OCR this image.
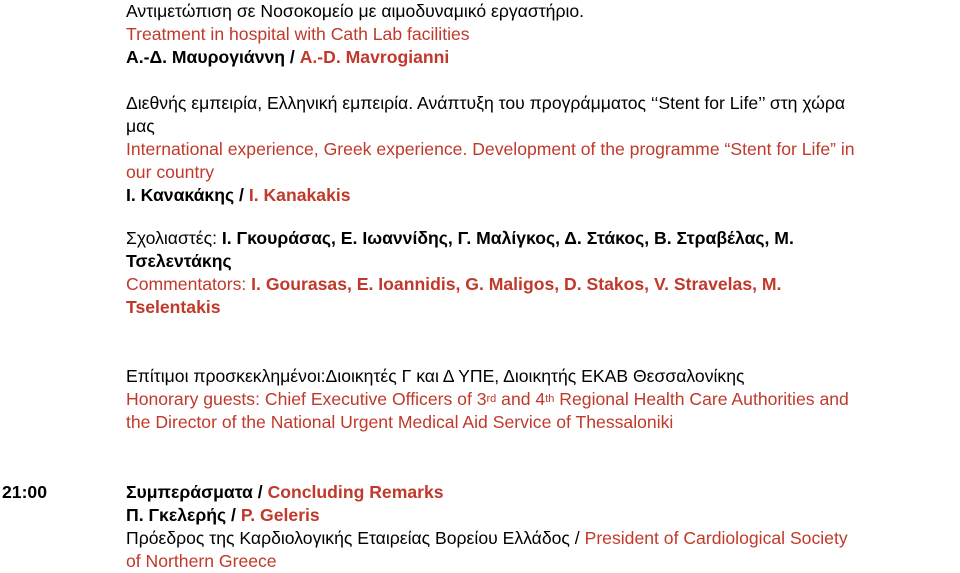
Αντιμετώπιση σε Νοσοκομείο με αιμοδυναμικό εργαστήριο.
Treatment in hospital with Cath Lab facilities
Α.-Δ. Μαυρογιάννη / A.-D. Mavrogianni
Διεθνής εμπειρία, Ελληνική εμπειρία. Ανάπτυξη του προγράμματος ‘‘Stent for Life’’ στη χώρα
μας
International experience, Greek experience. Development of the programme “Stent for Life” in
our country
Ι. Κανακάκης / I. Kanakakis
Σχολιαστές: Ι. Γκουράσας, Ε. Ιωαννίδης, Γ. Μαλίγκος, Δ. Στάκος, Β. Στραβέλας, Μ.
Τσελεντάκης
Commentators: I. Gourasas, E. Ioannidis, G. Maligos, D. Stakos, V. Stravelas, M.
Tselentakis
Επίτιμοι προσκεκλημένοι:Διοικητές Γ και Δ ΥΠΕ, Διοικητής ΕΚΑΒ Θεσσαλονίκης
Honorary guests: Chief Executive Officers of 3rd and 4th Regional Health Care Authorities and
the Director of the National Urgent Medical Aid Service of Thessaloniki
21:00	Συμπεράσματα / Concluding Remarks
Π. Γκελερής / P. Geleris
Πρόεδρος της Καρδιολογικής Εταιρείας Βορείου Ελλάδος / President of Cardiological Society
of Northern Greece
